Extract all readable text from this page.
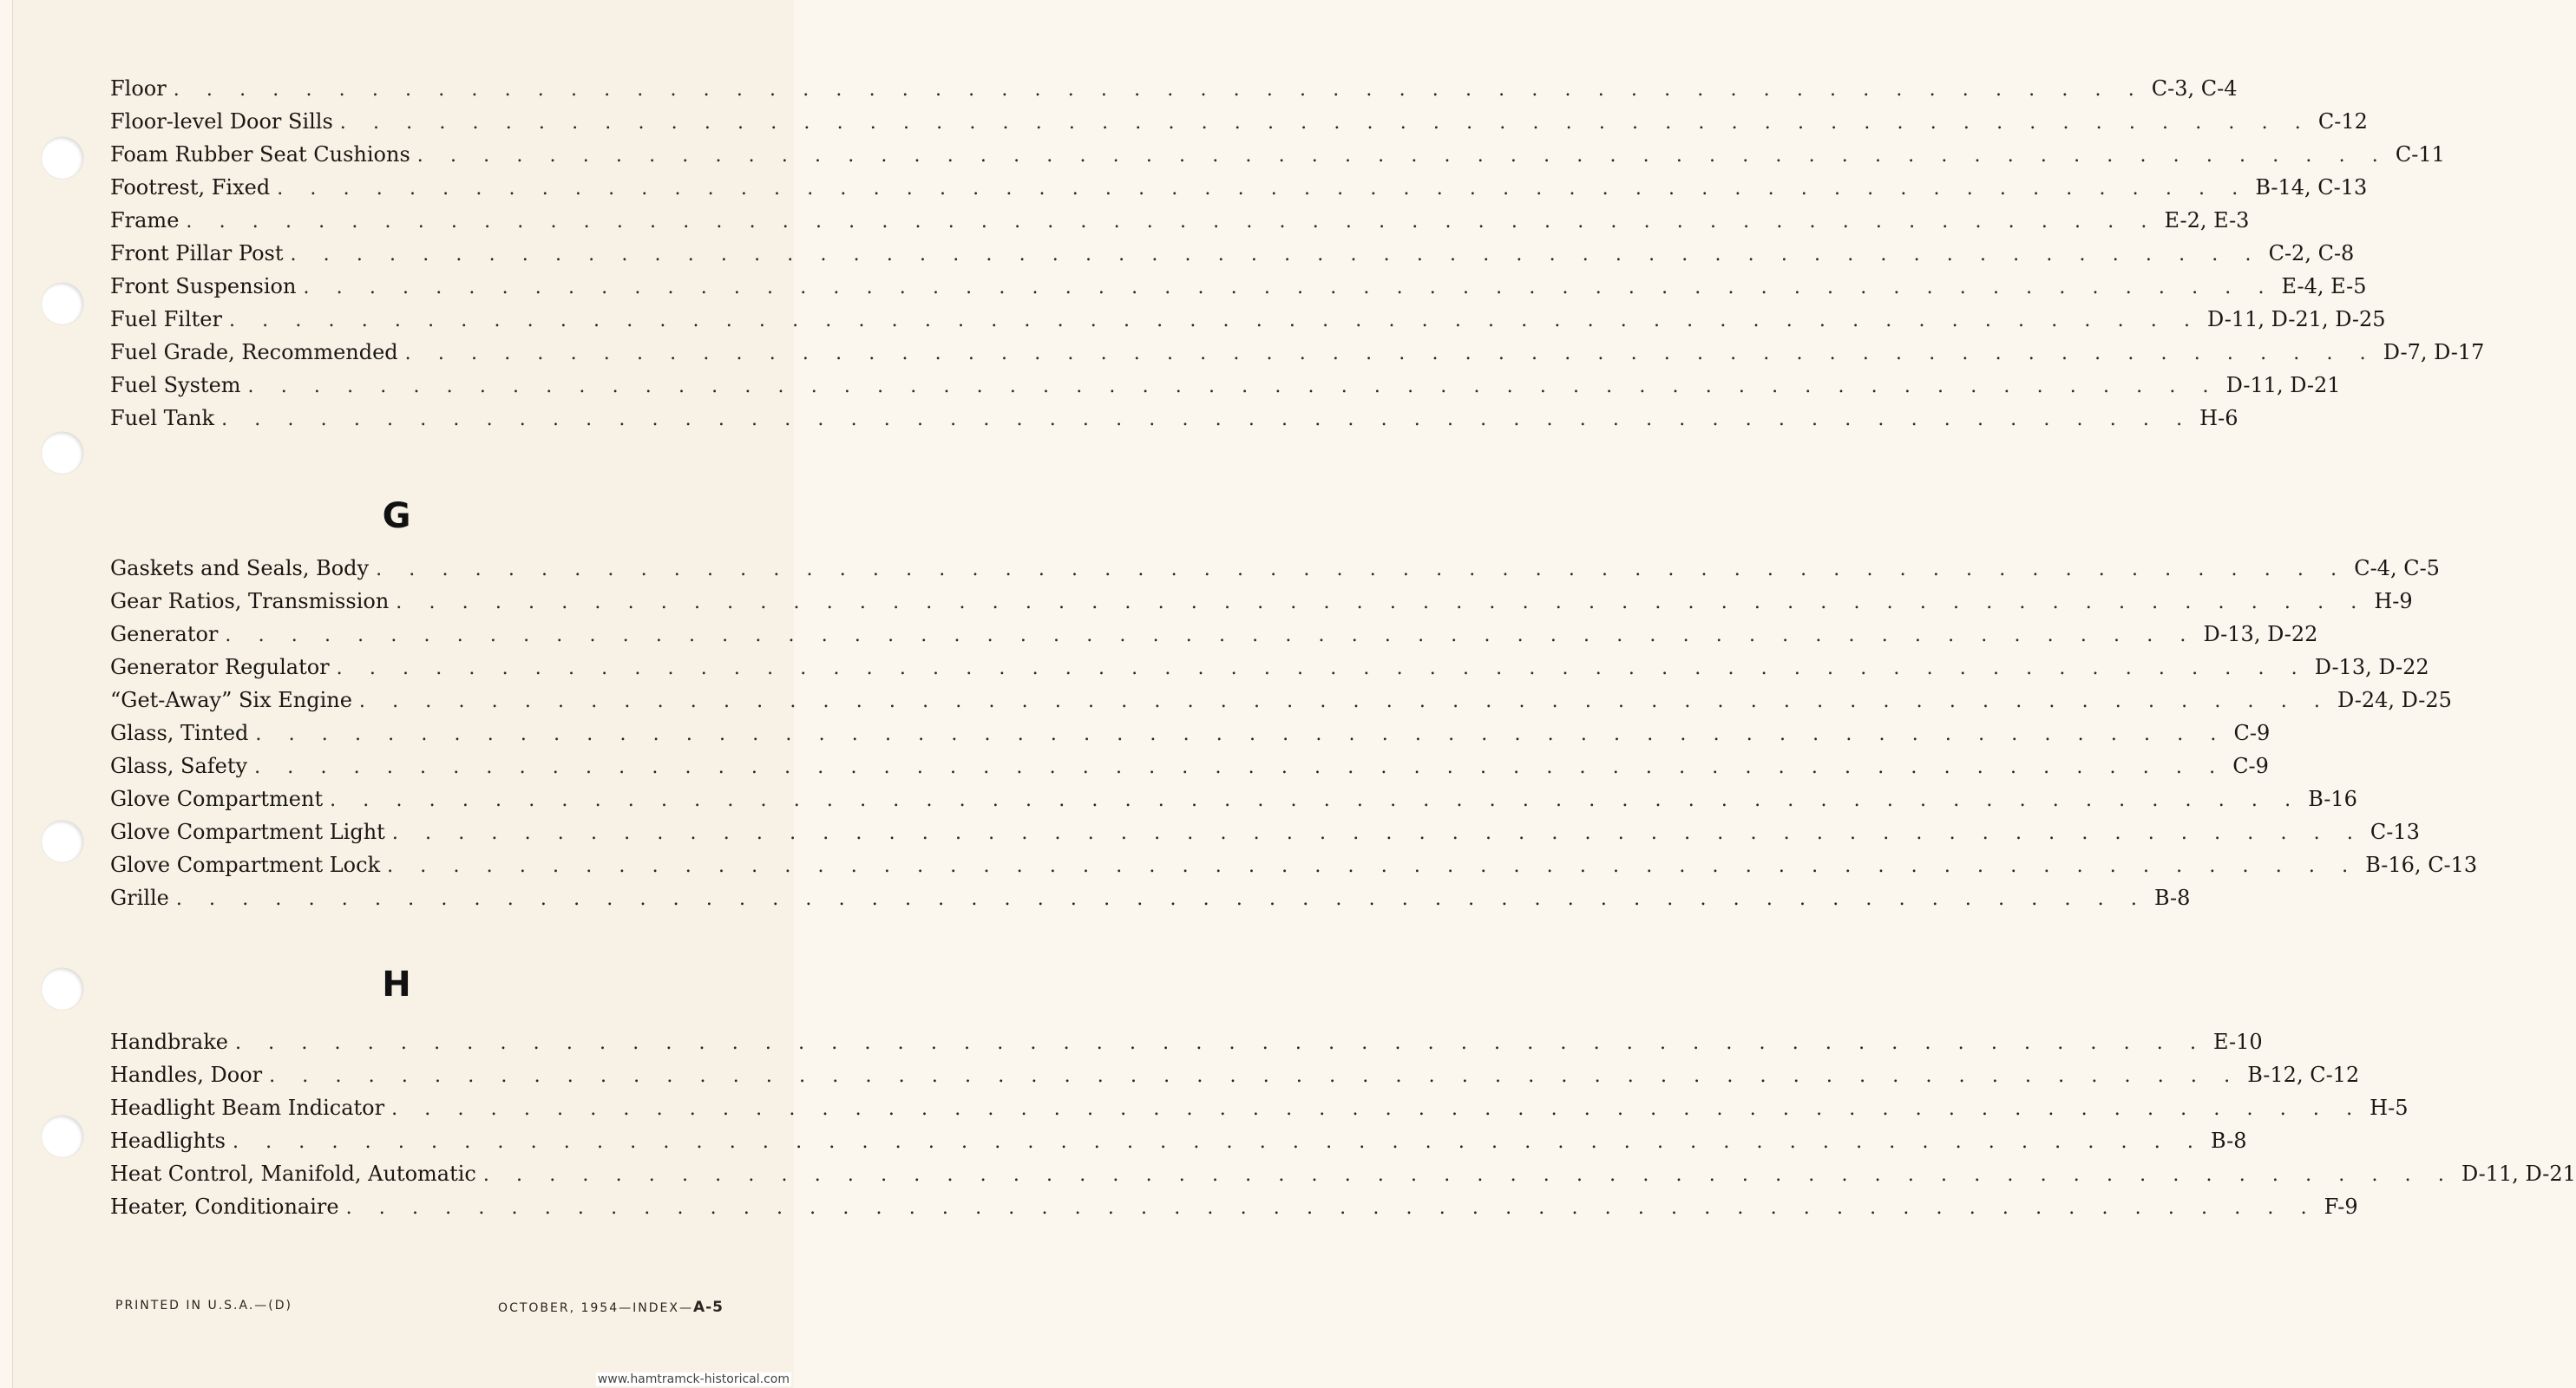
Floor . . . . . . . . . . . . . . . . . . . . . . . . . . . . . . . . . . . . . . . . . . . . . . . . . . . . . . . . . . . . C-3, C-4
Floor-level Door Sills . . . . . . . . . . . . . . . . . . . . . . . . . . . . . . . . . . . . . . . . . . . . . . . . . . . . . . . . . . . . C-12
Foam Rubber Seat Cushions . . . . . . . . . . . . . . . . . . . . . . . . . . . . . . . . . . . . . . . . . . . . . . . . . . . . . . . . . . . . C-11
Footrest, Fixed . . . . . . . . . . . . . . . . . . . . . . . . . . . . . . . . . . . . . . . . . . . . . . . . . . . . . . . . . . . . B-14, C-13
Frame . . . . . . . . . . . . . . . . . . . . . . . . . . . . . . . . . . . . . . . . . . . . . . . . . . . . . . . . . . . . E-2, E-3
Front Pillar Post . . . . . . . . . . . . . . . . . . . . . . . . . . . . . . . . . . . . . . . . . . . . . . . . . . . . . . . . . . . . C-2, C-8
Front Suspension . . . . . . . . . . . . . . . . . . . . . . . . . . . . . . . . . . . . . . . . . . . . . . . . . . . . . . . . . . . . E-4, E-5
Fuel Filter . . . . . . . . . . . . . . . . . . . . . . . . . . . . . . . . . . . . . . . . . . . . . . . . . . . . . . . . . . . . D-11, D-21, D-25
Fuel Grade, Recommended . . . . . . . . . . . . . . . . . . . . . . . . . . . . . . . . . . . . . . . . . . . . . . . . . . . . . . . . . . . . D-7, D-17
Fuel System . . . . . . . . . . . . . . . . . . . . . . . . . . . . . . . . . . . . . . . . . . . . . . . . . . . . . . . . . . . . D-11, D-21
Fuel Tank . . . . . . . . . . . . . . . . . . . . . . . . . . . . . . . . . . . . . . . . . . . . . . . . . . . . . . . . . . . . H-6
G
Gaskets and Seals, Body . . . . . . . . . . . . . . . . . . . . . . . . . . . . . . . . . . . . . . . . . . . . . . . . . . . . . . . . . . . . C-4, C-5
Gear Ratios, Transmission . . . . . . . . . . . . . . . . . . . . . . . . . . . . . . . . . . . . . . . . . . . . . . . . . . . . . . . . . . . . H-9
Generator . . . . . . . . . . . . . . . . . . . . . . . . . . . . . . . . . . . . . . . . . . . . . . . . . . . . . . . . . . . . D-13, D-22
Generator Regulator . . . . . . . . . . . . . . . . . . . . . . . . . . . . . . . . . . . . . . . . . . . . . . . . . . . . . . . . . . . . D-13, D-22
“Get-Away” Six Engine . . . . . . . . . . . . . . . . . . . . . . . . . . . . . . . . . . . . . . . . . . . . . . . . . . . . . . . . . . . . D-24, D-25
Glass, Tinted . . . . . . . . . . . . . . . . . . . . . . . . . . . . . . . . . . . . . . . . . . . . . . . . . . . . . . . . . . . . C-9
Glass, Safety . . . . . . . . . . . . . . . . . . . . . . . . . . . . . . . . . . . . . . . . . . . . . . . . . . . . . . . . . . . . C-9
Glove Compartment . . . . . . . . . . . . . . . . . . . . . . . . . . . . . . . . . . . . . . . . . . . . . . . . . . . . . . . . . . . . B-16
Glove Compartment Light . . . . . . . . . . . . . . . . . . . . . . . . . . . . . . . . . . . . . . . . . . . . . . . . . . . . . . . . . . . . C-13
Glove Compartment Lock . . . . . . . . . . . . . . . . . . . . . . . . . . . . . . . . . . . . . . . . . . . . . . . . . . . . . . . . . . . . B-16, C-13
Grille . . . . . . . . . . . . . . . . . . . . . . . . . . . . . . . . . . . . . . . . . . . . . . . . . . . . . . . . . . . . B-8
H
Handbrake . . . . . . . . . . . . . . . . . . . . . . . . . . . . . . . . . . . . . . . . . . . . . . . . . . . . . . . . . . . . E-10
Handles, Door . . . . . . . . . . . . . . . . . . . . . . . . . . . . . . . . . . . . . . . . . . . . . . . . . . . . . . . . . . . . B-12, C-12
Headlight Beam Indicator . . . . . . . . . . . . . . . . . . . . . . . . . . . . . . . . . . . . . . . . . . . . . . . . . . . . . . . . . . . . H-5
Headlights . . . . . . . . . . . . . . . . . . . . . . . . . . . . . . . . . . . . . . . . . . . . . . . . . . . . . . . . . . . . B-8
Heat Control, Manifold, Automatic . . . . . . . . . . . . . . . . . . . . . . . . . . . . . . . . . . . . . . . . . . . . . . . . . . . . . . . . . . . . D-11, D-21
Heater, Conditionaire . . . . . . . . . . . . . . . . . . . . . . . . . . . . . . . . . . . . . . . . . . . . . . . . . . . . . . . . . . . . F-9
PRINTED IN U.S.A.—(D)	OCTOBER, 1954—INDEX—A-5
www.hamtramck-historical.com
